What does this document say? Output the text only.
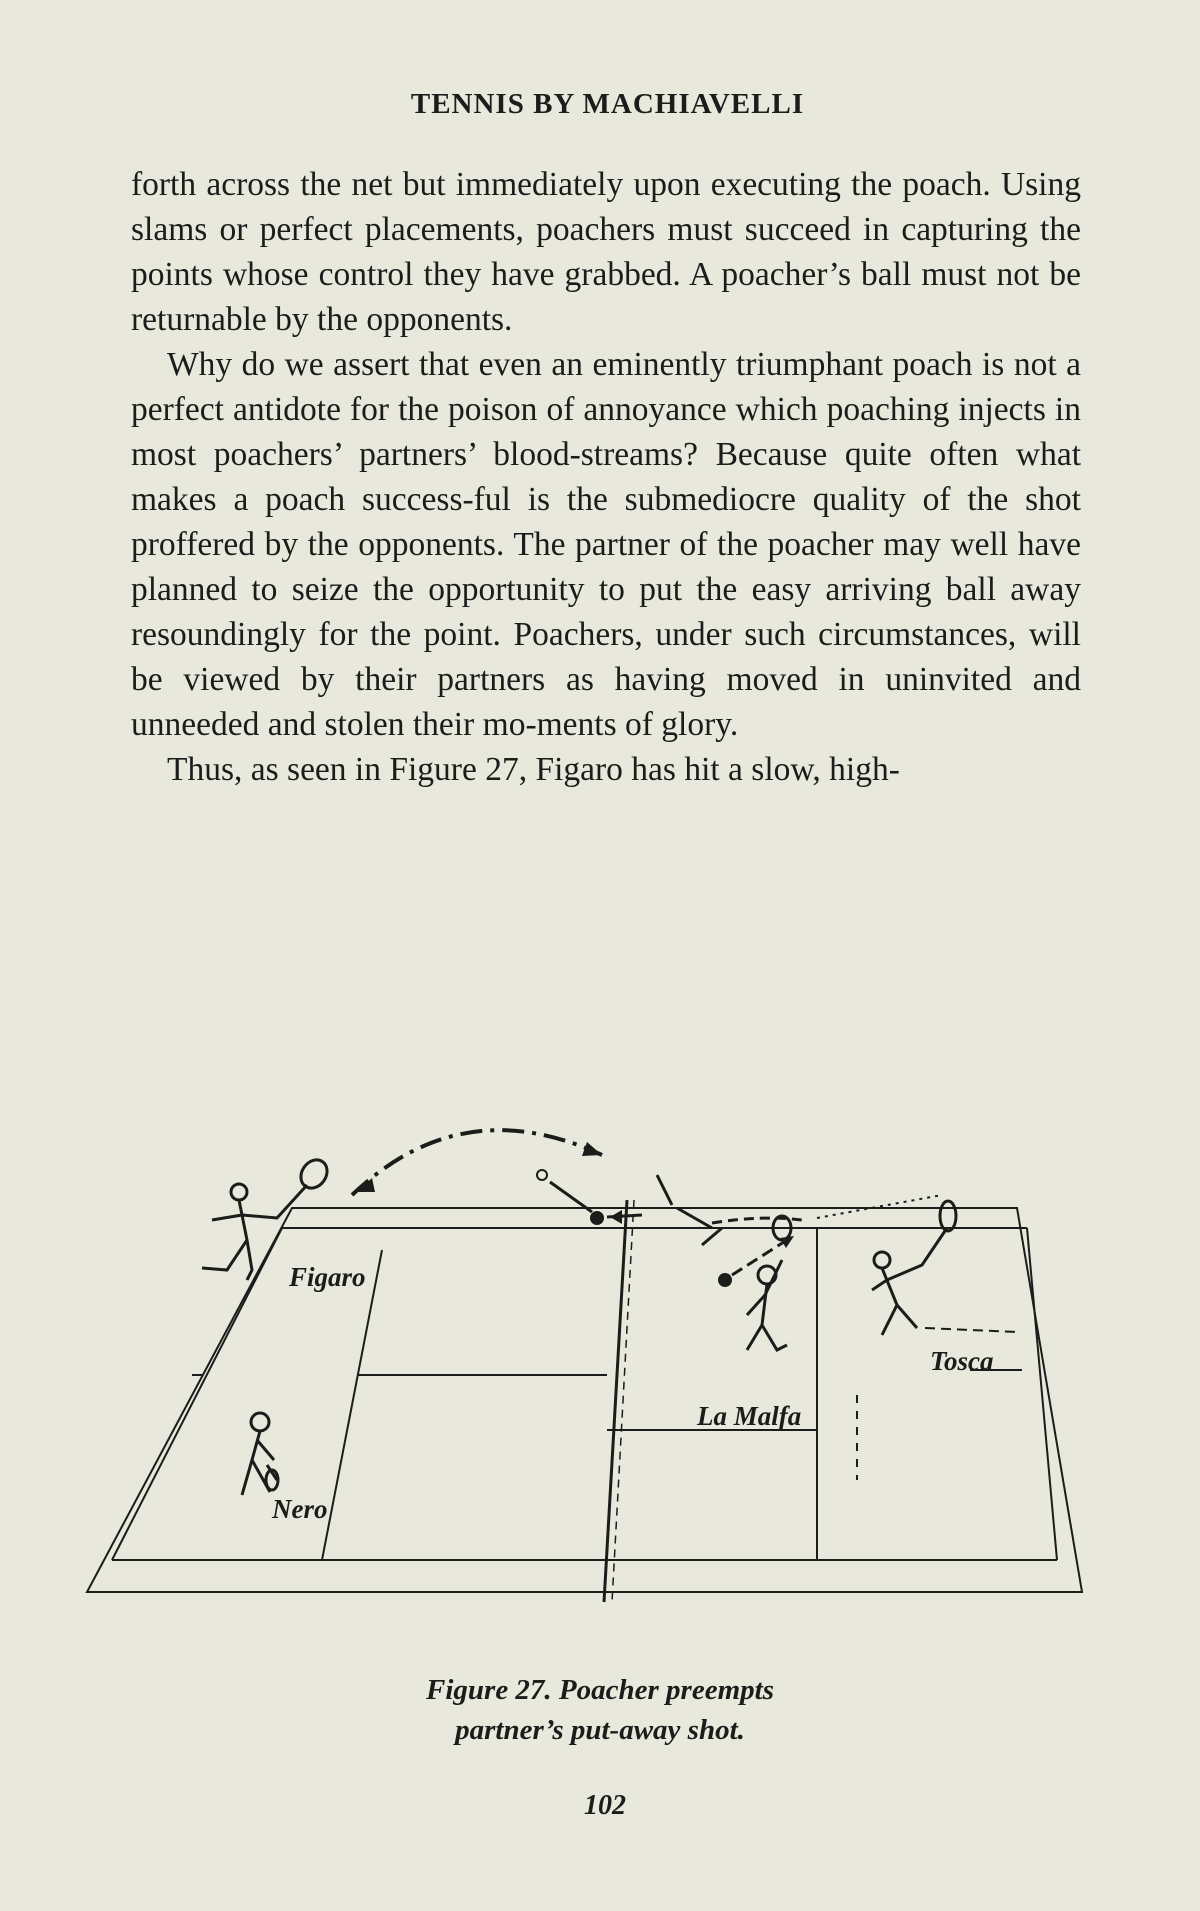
TENNIS BY MACHIAVELLI

forth across the net but immediately upon executing the poach. Using slams or perfect placements, poachers must succeed in capturing the points whose control they have grabbed. A poacher’s ball must not be returnable by the opponents.

Why do we assert that even an eminently triumphant poach is not a perfect antidote for the poison of annoyance which poaching injects in most poachers’ partners’ blood-streams? Because quite often what makes a poach success-ful is the submediocre quality of the shot proffered by the opponents. The partner of the poacher may well have planned to seize the opportunity to put the easy arriving ball away resoundingly for the point. Poachers, under such circumstances, will be viewed by their partners as having moved in uninvited and unneeded and stolen their mo-ments of glory.

Thus, as seen in Figure 27, Figaro has hit a slow, high-

Figaro
Nero
La Malfa
Tosca
Figure 27. Poacher preempts
partner’s put-away shot.
102
